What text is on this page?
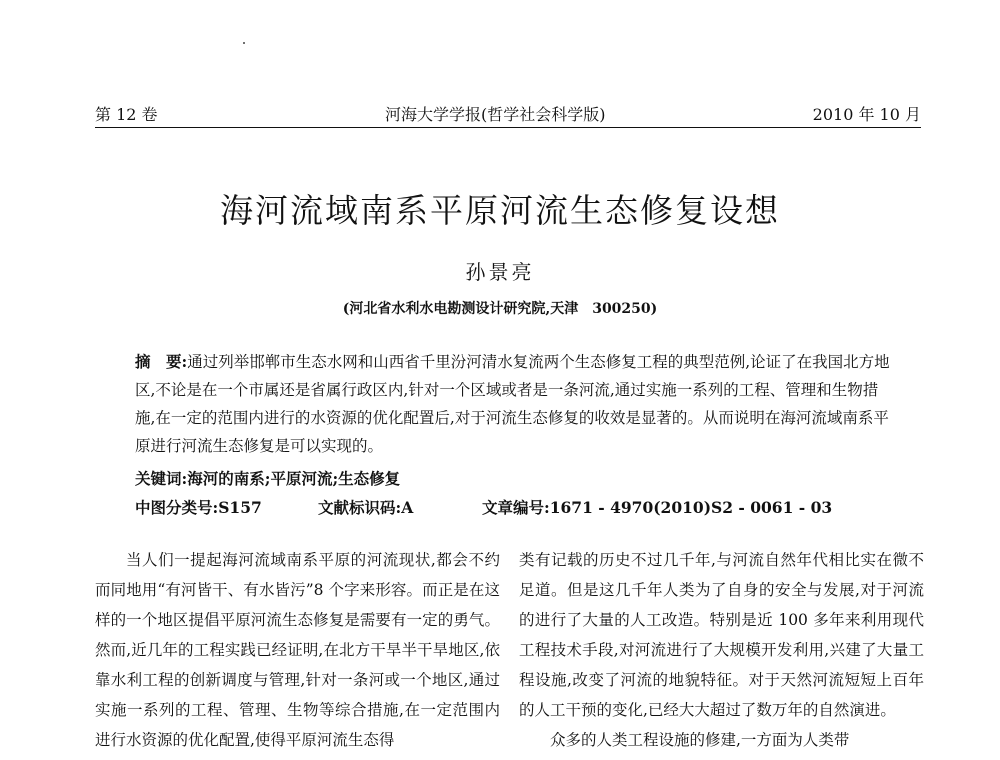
第 12 卷	河海大学学报(哲学社会科学版)	2010 年 10 月
海河流域南系平原河流生态修复设想
孙景亮
(河北省水利水电勘测设计研究院,天津　300250)

摘　要:通过列举邯郸市生态水网和山西省千里汾河清水复流两个生态修复工程的典型范例,论证了在我国北方地区,不论是在一个市属还是省属行政区内,针对一个区域或者是一条河流,通过实施一系列的工程、管理和生物措施,在一定的范围内进行的水资源的优化配置后,对于河流生态修复的收效是显著的。从而说明在海河流域南系平原进行河流生态修复是可以实现的。

关键词:海河的南系;平原河流;生态修复
中图分类号:S157	文献标识码:A	文章编号:1671 - 4970(2010)S2 - 0061 - 03

当人们一提起海河流域南系平原的河流现状,都会不约而同地用“有河皆干、有水皆污”8 个字来形容。而正是在这样的一个地区提倡平原河流生态修复是需要有一定的勇气。然而,近几年的工程实践已经证明,在北方干旱半干旱地区,依靠水利工程的创新调度与管理,针对一条河或一个地区,通过实施一系列的工程、管理、生物等综合措施,在一定范围内进行水资源的优化配置,使得平原河流生态得

类有记载的历史不过几千年,与河流自然年代相比实在微不足道。但是这几千年人类为了自身的安全与发展,对于河流的进行了大量的人工改造。特别是近 100 多年来利用现代工程技术手段,对河流进行了大规模开发利用,兴建了大量工程设施,改变了河流的地貌特征。对于天然河流短短上百年的人工干预的变化,已经大大超过了数万年的自然演进。

众多的人类工程设施的修建,一方面为人类带
